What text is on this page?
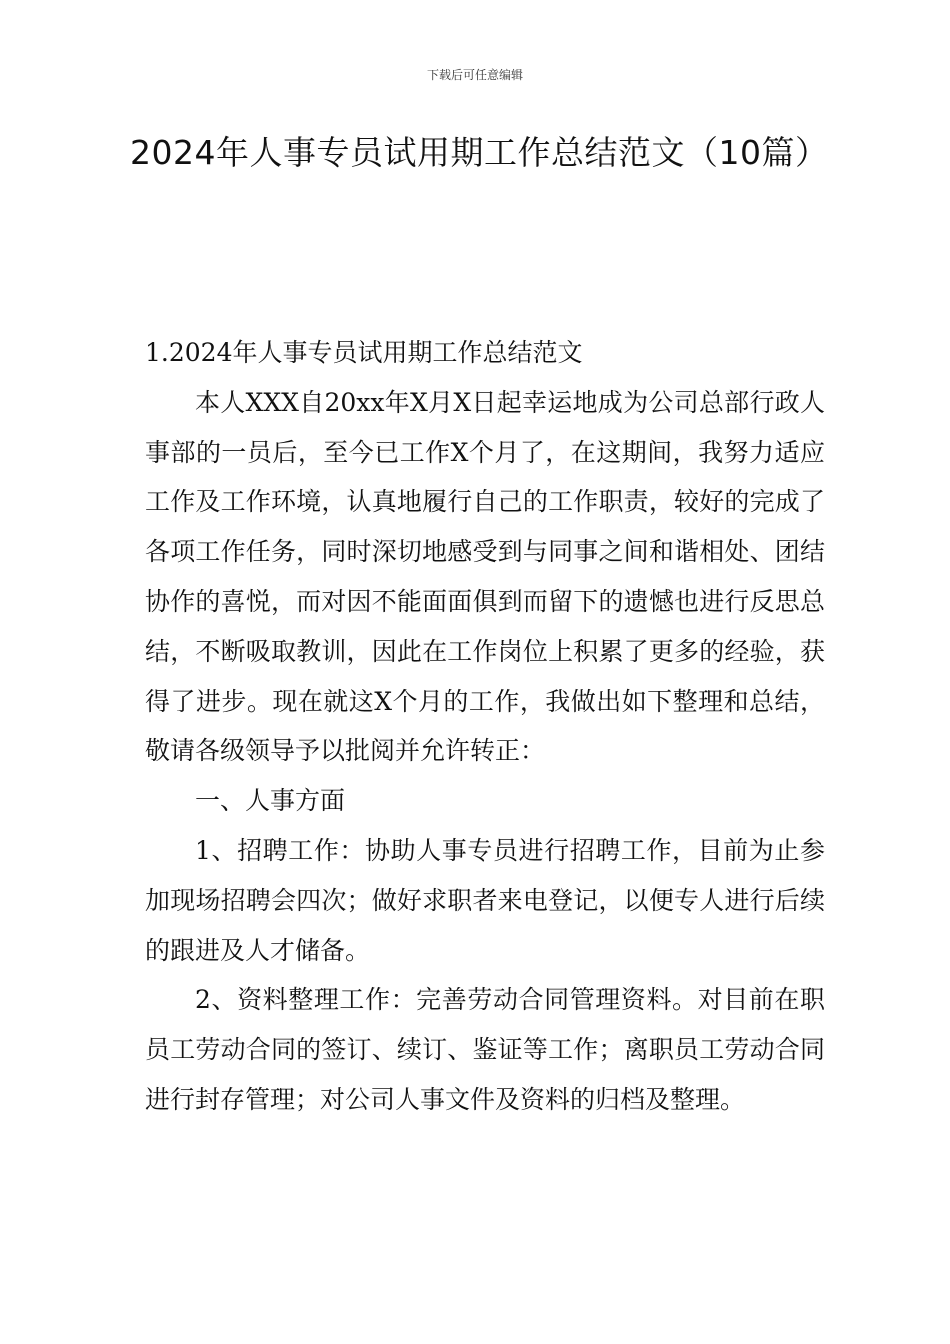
下载后可任意编辑
2024年人事专员试用期工作总结范文（10篇）

1.2024年人事专员试用期工作总结范文

本人XXX自20xx年X月X日起幸运地成为公司总部行政人事部的一员后，至今已工作X个月了，在这期间，我努力适应工作及工作环境，认真地履行自己的工作职责，较好的完成了各项工作任务，同时深切地感受到与同事之间和谐相处、团结协作的喜悦，而对因不能面面俱到而留下的遗憾也进行反思总结，不断吸取教训，因此在工作岗位上积累了更多的经验，获得了进步。现在就这X个月的工作，我做出如下整理和总结，敬请各级领导予以批阅并允许转正：

一、人事方面

1、招聘工作：协助人事专员进行招聘工作，目前为止参加现场招聘会四次；做好求职者来电登记，以便专人进行后续的跟进及人才储备。

2、资料整理工作：完善劳动合同管理资料。对目前在职员工劳动合同的签订、续订、鉴证等工作；离职员工劳动合同进行封存管理；对公司人事文件及资料的归档及整理。
